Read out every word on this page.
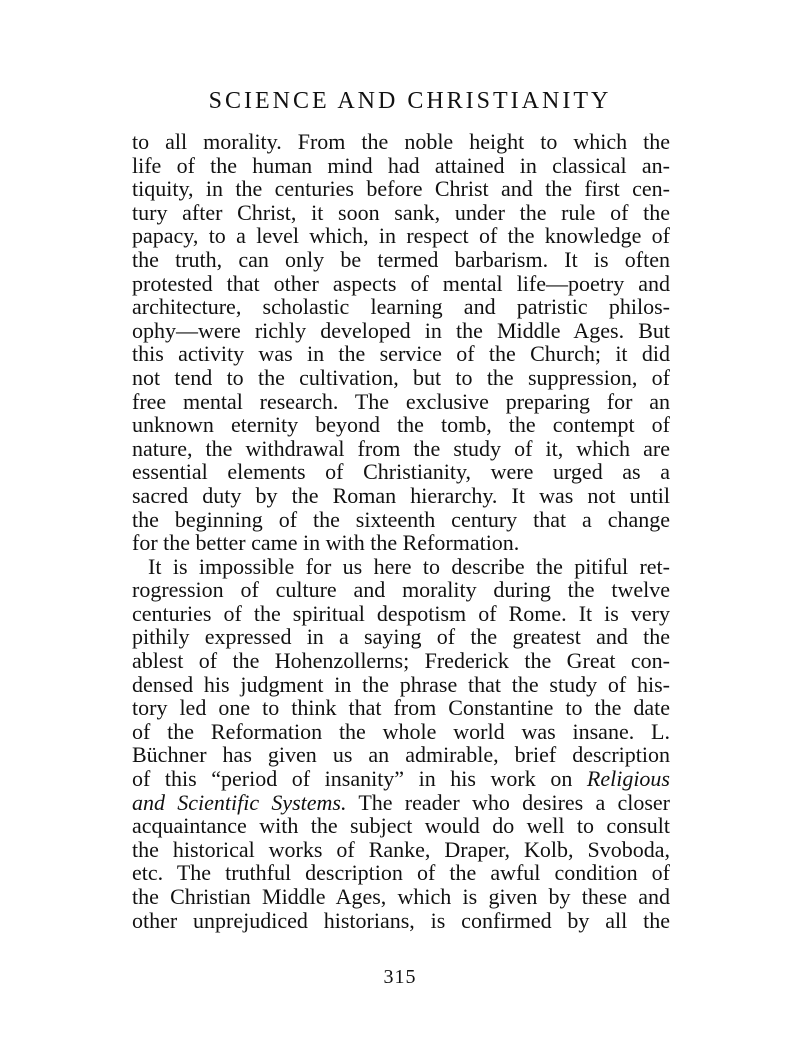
SCIENCE AND CHRISTIANITY
to all morality. From the noble height to which the
life of the human mind had attained in classical an-
tiquity, in the centuries before Christ and the first cen-
tury after Christ, it soon sank, under the rule of the
papacy, to a level which, in respect of the knowledge of
the truth, can only be termed barbarism. It is often
protested that other aspects of mental life—poetry and
architecture, scholastic learning and patristic philos-
ophy—were richly developed in the Middle Ages. But
this activity was in the service of the Church; it did
not tend to the cultivation, but to the suppression, of
free mental research. The exclusive preparing for an
unknown eternity beyond the tomb, the contempt of
nature, the withdrawal from the study of it, which are
essential elements of Christianity, were urged as a
sacred duty by the Roman hierarchy. It was not until
the beginning of the sixteenth century that a change
for the better came in with the Reformation.
It is impossible for us here to describe the pitiful ret-
rogression of culture and morality during the twelve
centuries of the spiritual despotism of Rome. It is very
pithily expressed in a saying of the greatest and the
ablest of the Hohenzollerns; Frederick the Great con-
densed his judgment in the phrase that the study of his-
tory led one to think that from Constantine to the date
of the Reformation the whole world was insane. L.
Büchner has given us an admirable, brief description
of this “period of insanity” in his work on Religious
and Scientific Systems. The reader who desires a closer
acquaintance with the subject would do well to consult
the historical works of Ranke, Draper, Kolb, Svoboda,
etc. The truthful description of the awful condition of
the Christian Middle Ages, which is given by these and
other unprejudiced historians, is confirmed by all the
315
